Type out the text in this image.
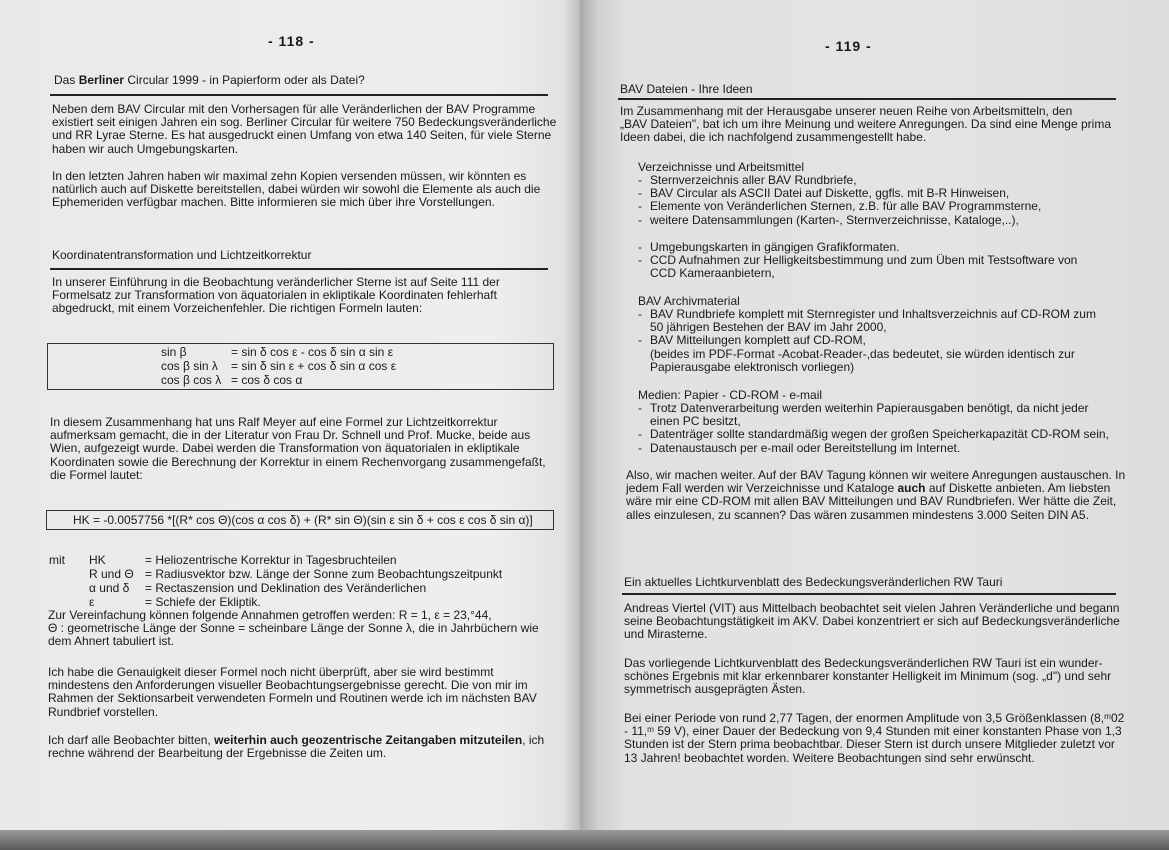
- 118 -
Das Berliner Circular 1999 - in Papierform oder als Datei?
Neben dem BAV Circular mit den Vorhersagen für alle Veränderlichen der BAV Programme
existiert seit einigen Jahren ein sog. Berliner Circular für weitere 750 Bedeckungsveränderliche
und RR Lyrae Sterne. Es hat ausgedruckt einen Umfang von etwa 140 Seiten, für viele Sterne
haben wir auch Umgebungskarten.
In den letzten Jahren haben wir maximal zehn Kopien versenden müssen, wir könnten es
natürlich auch auf Diskette bereitstellen, dabei würden wir sowohl die Elemente als auch die
Ephemeriden verfügbar machen. Bitte informieren sie mich über ihre Vorstellungen.
Koordinatentransformation und Lichtzeitkorrektur
In unserer Einführung in die Beobachtung veränderlicher Sterne ist auf Seite 111 der
Formelsatz zur Transformation von äquatorialen in ekliptikale Koordinaten fehlerhaft
abgedruckt, mit einem Vorzeichenfehler. Die richtigen Formeln lauten:
sin β	= sin δ cos ε - cos δ sin α sin ε
cos β sin λ = sin δ sin ε + cos δ sin α cos ε
cos β cos λ = cos δ cos α
In diesem Zusammenhang hat uns Ralf Meyer auf eine Formel zur Lichtzeitkorrektur
aufmerksam gemacht, die in der Literatur von Frau Dr. Schnell und Prof. Mucke, beide aus
Wien, aufgezeigt wurde. Dabei werden die Transformation von äquatorialen in ekliptikale
Koordinaten sowie die Berechnung der Korrektur in einem Rechenvorgang zusammengefaßt,
die Formel lautet:
HK = -0.0057756 *[(R* cos Θ)(cos α cos δ) + (R* sin Θ)(sin ε sin δ + cos ε cos δ sin α)]
mit HK	= Heliozentrische Korrektur in Tagesbruchteilen
R und Θ = Radiusvektor bzw. Länge der Sonne zum Beobachtungszeitpunkt
α und δ = Rectaszension und Deklination des Veränderlichen
ε	= Schiefe der Ekliptik.
Zur Vereinfachung können folgende Annahmen getroffen werden: R = 1, ε = 23,°44,
Θ : geometrische Länge der Sonne = scheinbare Länge der Sonne λ, die in Jahrbüchern wie
dem Ahnert tabuliert ist.
Ich habe die Genauigkeit dieser Formel noch nicht überprüft, aber sie wird bestimmt
mindestens den Anforderungen visueller Beobachtungsergebnisse gerecht. Die von mir im
Rahmen der Sektionsarbeit verwendeten Formeln und Routinen werde ich im nächsten BAV
Rundbrief vorstellen.
Ich darf alle Beobachter bitten, weiterhin auch geozentrische Zeitangaben mitzuteilen, ich
rechne während der Bearbeitung der Ergebnisse die Zeiten um.
- 119 -
BAV Dateien - Ihre Ideen
Im Zusammenhang mit der Herausgabe unserer neuen Reihe von Arbeitsmitteln, den
„BAV Dateien", bat ich um ihre Meinung und weitere Anregungen. Da sind eine Menge prima
Ideen dabei, die ich nachfolgend zusammengestellt habe.
Verzeichnisse und Arbeitsmittel
- Sternverzeichnis aller BAV Rundbriefe,
- BAV Circular als ASCII Datei auf Diskette, ggfls. mit B-R Hinweisen,
- Elemente von Veränderlichen Sternen, z.B. für alle BAV Programmsterne,
- weitere Datensammlungen (Karten-, Sternverzeichnisse, Kataloge,..),
- Umgebungskarten in gängigen Grafikformaten.
- CCD Aufnahmen zur Helligkeitsbestimmung und zum Üben mit Testsoftware von
CCD Kameraanbietern,
BAV Archivmaterial
- BAV Rundbriefe komplett mit Sternregister und Inhaltsverzeichnis auf CD-ROM zum
50 jährigen Bestehen der BAV im Jahr 2000,
- BAV Mitteilungen komplett auf CD-ROM,
(beides im PDF-Format -Acobat-Reader-,das bedeutet, sie würden identisch zur
Papierausgabe elektronisch vorliegen)
Medien: Papier - CD-ROM - e-mail
- Trotz Datenverarbeitung werden weiterhin Papierausgaben benötigt, da nicht jeder
einen PC besitzt,
- Datenträger sollte standardmäßig wegen der großen Speicherkapazität CD-ROM sein,
- Datenaustausch per e-mail oder Bereitstellung im Internet.
Also, wir machen weiter. Auf der BAV Tagung können wir weitere Anregungen austauschen. In
jedem Fall werden wir Verzeichnisse und Kataloge auch auf Diskette anbieten. Am liebsten
wäre mir eine CD-ROM mit allen BAV Mitteilungen und BAV Rundbriefen. Wer hätte die Zeit,
alles einzulesen, zu scannen? Das wären zusammen mindestens 3.000 Seiten DIN A5.
Ein aktuelles Lichtkurvenblatt des Bedeckungsveränderlichen RW Tauri
Andreas Viertel (VIT) aus Mittelbach beobachtet seit vielen Jahren Veränderliche und begann
seine Beobachtungstätigkeit im AKV. Dabei konzentriert er sich auf Bedeckungsveränderliche
und Mirasterne.
Das vorliegende Lichtkurvenblatt des Bedeckungsveränderlichen RW Tauri ist ein wunder-
schönes Ergebnis mit klar erkennbarer konstanter Helligkeit im Minimum (sog. „d") und sehr
symmetrisch ausgeprägten Ästen.
Bei einer Periode von rund 2,77 Tagen, der enormen Amplitude von 3,5 Größenklassen (8,ᵐ02
- 11,ᵐ 59 V), einer Dauer der Bedeckung von 9,4 Stunden mit einer konstanten Phase von 1,3
Stunden ist der Stern prima beobachtbar. Dieser Stern ist durch unsere Mitglieder zuletzt vor
13 Jahren! beobachtet worden. Weitere Beobachtungen sind sehr erwünscht.
